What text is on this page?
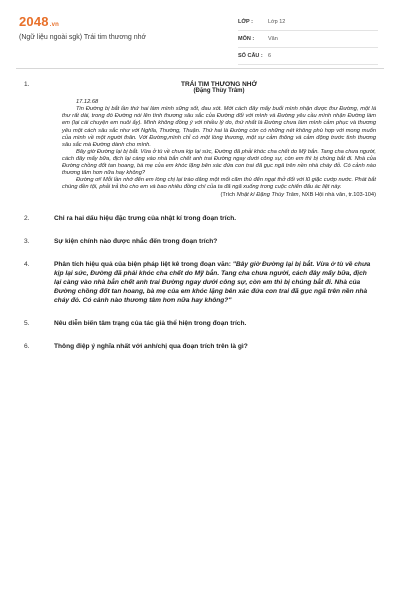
2048.vn
(Ngữ liệu ngoài sgk) Trái tim thương nhớ
LỚP :	Lớp 12
MÔN :	Văn
SỐ CÂU : 6
1.	TRÁI TIM THƯƠNG NHỚ
(Đặng Thùy Trâm)
17.12.68

Tin Đường bị bắt lần thứ hai làm mình sững sốt, đau xót. Mới cách đây mấy buổi mình nhận được thư Đường, một lá thư rất dài, trong đó Đường nói lên tình thương sâu sắc của Đường đối với mình và Đường yêu cầu mình nhận Đường làm em (lại cái chuyện em nuôi ấy). Mình không đồng ý với nhiều lý do, thứ nhất là Đường chưa làm mình cảm phục và thương yêu một cách sâu sắc như với Nghĩa, Thường, Thuận. Thứ hai là Đường còn có những nét không phù hợp với mong muốn của mình về một người thân. Với Đường,mình chỉ có một lòng thương, một sự cảm thông và cảm động trước tình thương sâu sắc mà Đường dành cho mình.

Bây giờ Đường lại bị bắt. Vừa ở tù về chưa kịp lại sức, Đường đã phải khóc cha chết do Mỹ bắn. Tang cha chưa người, cách đây mấy bữa, địch lại càng vào nhà bắn chết anh trai Đường ngay dưới công sự, còn em thì bị chúng bắt đi. Nhà của Đường chồng đốt tan hoang, bà mẹ của em khóc lặng bên xác đứa con trai đã gục ngã trên nền nhà cháy đỏ. Có cảnh nào thương tâm hơn nữa hay không?

Đường ơi! Mỗi lần nhớ đến em lòng chị lại trào dâng một mối căm thù đến ngạt thở đối với lũ giặc cướp nước. Phát bắt chúng đền tội, phải trả thù cho em và bao nhiêu đồng chí của ta đã ngã xuống trong cuộc chiến đấu ác liệt này.

(Trích Nhật kí Đặng Thùy Trâm, NXB Hội nhà văn, tr.103-104)
2.	Chỉ ra hai dấu hiệu đặc trưng của nhật kí trong đoạn trích.
3.	Sự kiện chính nào được nhắc đến trong đoạn trích?
4.	Phân tích hiệu quả của biện pháp liệt kê trong đoạn văn: "Bây giờ Đường lại bị bắt. Vừa ở tù về chưa kịp lại sức, Đường đã phải khóc cha chết do Mỹ bắn. Tang cha chưa người, cách đây mấy bữa, địch lại càng vào nhà bắn chết anh trai Đường ngay dưới công sự, còn em thì bị chúng bắt đi. Nhà của Đường chồng đốt tan hoang, bà mẹ của em khóc lặng bên xác đứa con trai đã gục ngã trên nền nhà cháy đỏ. Có cảnh nào thương tâm hơn nữa hay không?"
5.	Nêu diễn biến tâm trạng của tác giả thể hiện trong đoạn trích.
6.	Thông điệp ý nghĩa nhất với anh/chị qua đoạn trích trên là gì?
